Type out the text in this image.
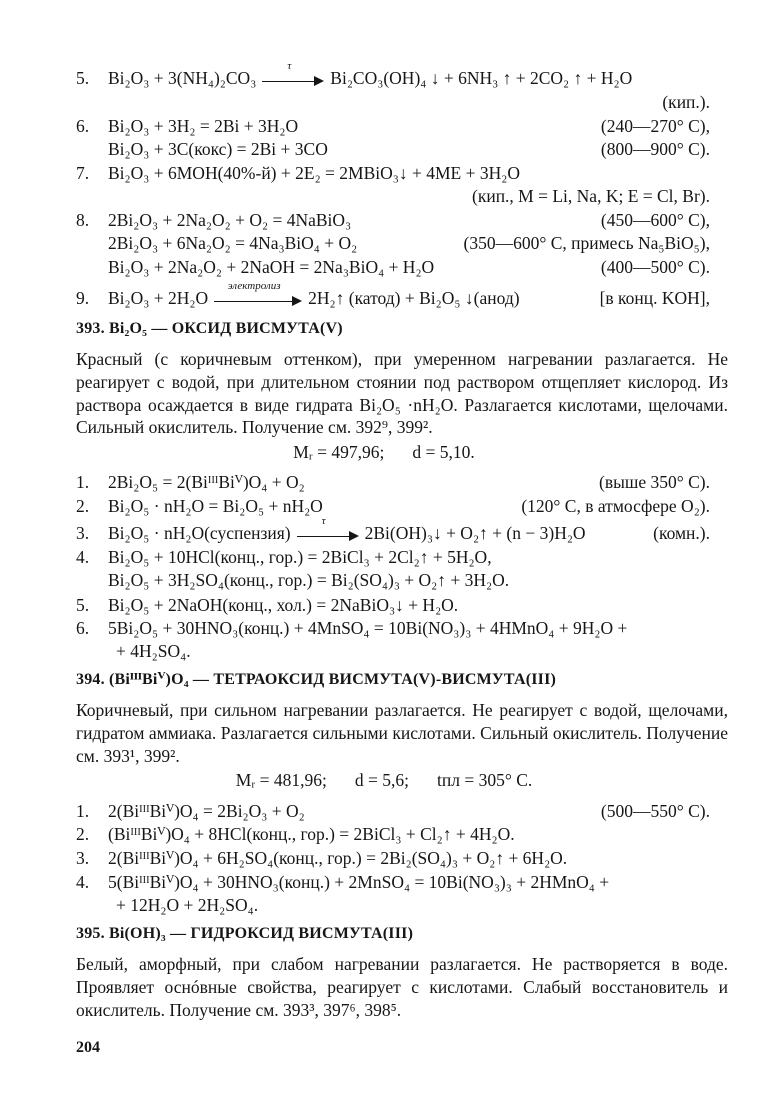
5. Bi₂O₃ + 3(NH₄)₂CO₃
τ
Bi₂CO₃(OH)₄ ↓ + 6NH₃ ↑ + 2CO₂ ↑ + H₂O
(кип.).
6. Bi₂O₃ + 3H₂ = 2Bi + 3H₂O	(240—270° C),
Bi₂O₃ + 3C(кокс) = 2Bi + 3CO	(800—900° C).
7. Bi₂O₃ + 6MOH(40%-й) + 2E₂ = 2MBiO₃↓ + 4ME + 3H₂O
(кип., M = Li, Na, K; E = Cl, Br).
8. 2Bi₂O₃ + 2Na₂O₂ + O₂ = 4NaBiO₃	(450—600° C),
2Bi₂O₃ + 6Na₂O₂ = 4Na₃BiO₄ + O₂	(350—600° C, примесь Na₅BiO₅),
Bi₂O₃ + 2Na₂O₂ + 2NaOH = 2Na₃BiO₄ + H₂O	(400—500° C).
9. Bi₂O₃ + 2H₂O
электролиз
2H₂↑ (катод) + Bi₂O₅ ↓(анод)	[в конц. KOH],
393. Bi₂O₅ — ОКСИД ВИСМУТА(V)
Красный (с коричневым оттенком), при умеренном нагревании разлагается. Не реагирует с водой, при длительном стоянии под раствором отщепляет кислород. Из раствора осаждается в виде гидрата Bi₂O₅ ·nH₂O. Разлагается кислотами, щелочами. Сильный окислитель. Получение см. 392⁹, 399².
Mᵣ = 497,96; d = 5,10.
1. 2Bi₂O₅ = 2(BiᴵᴵᴵBiⱽ)O₄ + O₂	(выше 350° C).
2. Bi₂O₅ · nH₂O = Bi₂O₅ + nH₂O	(120° C, в атмосфере O₂).
3. Bi₂O₅ · nH₂O(суспензия)
τ
2Bi(OH)₃↓ + O₂↑ + (n − 3)H₂O	(комн.).
4. Bi₂O₅ + 10HCl(конц., гор.) = 2BiCl₃ + 2Cl₂↑ + 5H₂O,
Bi₂O₅ + 3H₂SO₄(конц., гор.) = Bi₂(SO₄)₃ + O₂↑ + 3H₂O.
5. Bi₂O₅ + 2NaOH(конц., хол.) = 2NaBiO₃↓ + H₂O.
6. 5Bi₂O₅ + 30HNO₃(конц.) + 4MnSO₄ = 10Bi(NO₃)₃ + 4HMnO₄ + 9H₂O +
+ 4H₂SO₄.
394. (BiᴵᴵᴵBiⱽ)O₄ — ТЕТРАОКСИД ВИСМУТА(V)-ВИСМУТА(III)
Коричневый, при сильном нагревании разлагается. Не реагирует с водой, щелочами, гидратом аммиака. Разлагается сильными кислотами. Сильный окислитель. Получение см. 393¹, 399².
Mᵣ = 481,96; d = 5,6; tпл = 305° C.
1. 2(BiᴵᴵᴵBiⱽ)O₄ = 2Bi₂O₃ + O₂	(500—550° C).
2. (BiᴵᴵᴵBiⱽ)O₄ + 8HCl(конц., гор.) = 2BiCl₃ + Cl₂↑ + 4H₂O.
3. 2(BiᴵᴵᴵBiⱽ)O₄ + 6H₂SO₄(конц., гор.) = 2Bi₂(SO₄)₃ + O₂↑ + 6H₂O.
4. 5(BiᴵᴵᴵBiⱽ)O₄ + 30HNO₃(конц.) + 2MnSO₄ = 10Bi(NO₃)₃ + 2HMnO₄ +
+ 12H₂O + 2H₂SO₄.
395. Bi(OH)₃ — ГИДРОКСИД ВИСМУТА(III)
Белый, аморфный, при слабом нагревании разлагается. Не растворяется в воде. Проявляет оснóвные свойства, реагирует с кислотами. Слабый восстановитель и окислитель. Получение см. 393³, 397⁶, 398⁵.
204
